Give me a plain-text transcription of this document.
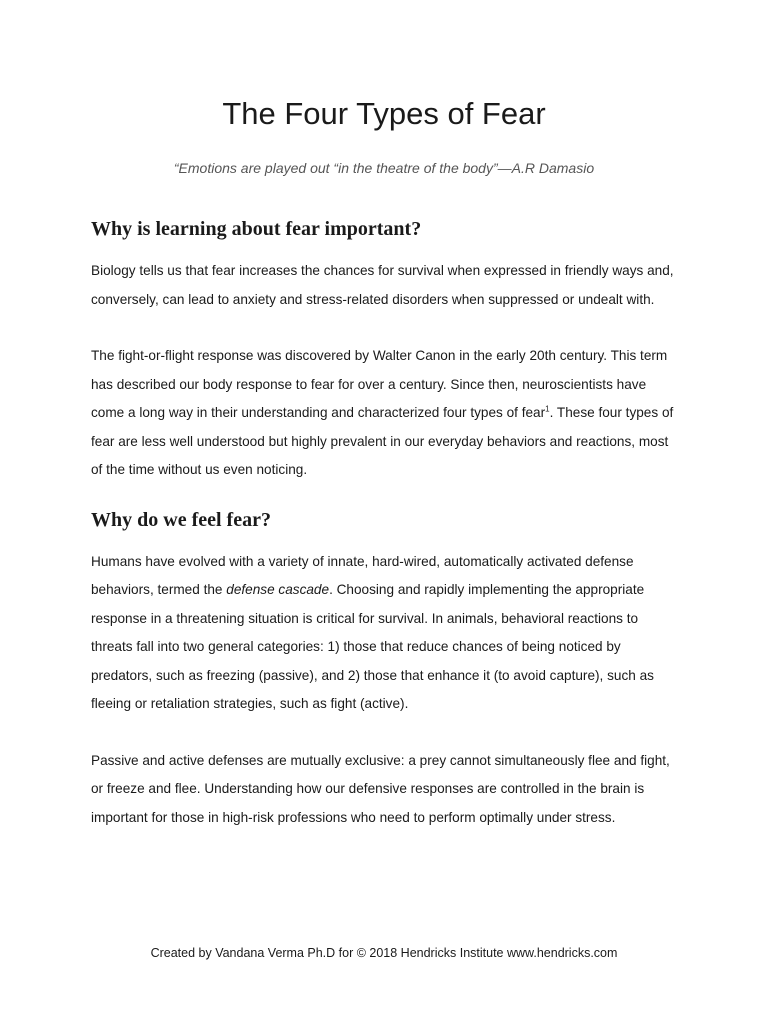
The Four Types of Fear
“Emotions are played out “in the theatre of the body”—A.R Damasio
Why is learning about fear important?

Biology tells us that fear increases the chances for survival when expressed in friendly ways and, conversely, can lead to anxiety and stress-related disorders when suppressed or undealt with.

The fight-or-flight response was discovered by Walter Canon in the early 20th century. This term has described our body response to fear for over a century. Since then, neuroscientists have come a long way in their understanding and characterized four types of fear$^1$. These four types of fear are less well understood but highly prevalent in our everyday behaviors and reactions, most of the time without us even noticing.

Why do we feel fear?

Humans have evolved with a variety of innate, hard-wired, automatically activated defense behaviors, termed the defense cascade. Choosing and rapidly implementing the appropriate response in a threatening situation is critical for survival. In animals, behavioral reactions to threats fall into two general categories: 1) those that reduce chances of being noticed by predators, such as freezing (passive), and 2) those that enhance it (to avoid capture), such as fleeing or retaliation strategies, such as fight (active).

Passive and active defenses are mutually exclusive: a prey cannot simultaneously flee and fight, or freeze and flee. Understanding how our defensive responses are controlled in the brain is important for those in high-risk professions who need to perform optimally under stress.

Created by Vandana Verma Ph.D for © 2018 Hendricks Institute www.hendricks.com
